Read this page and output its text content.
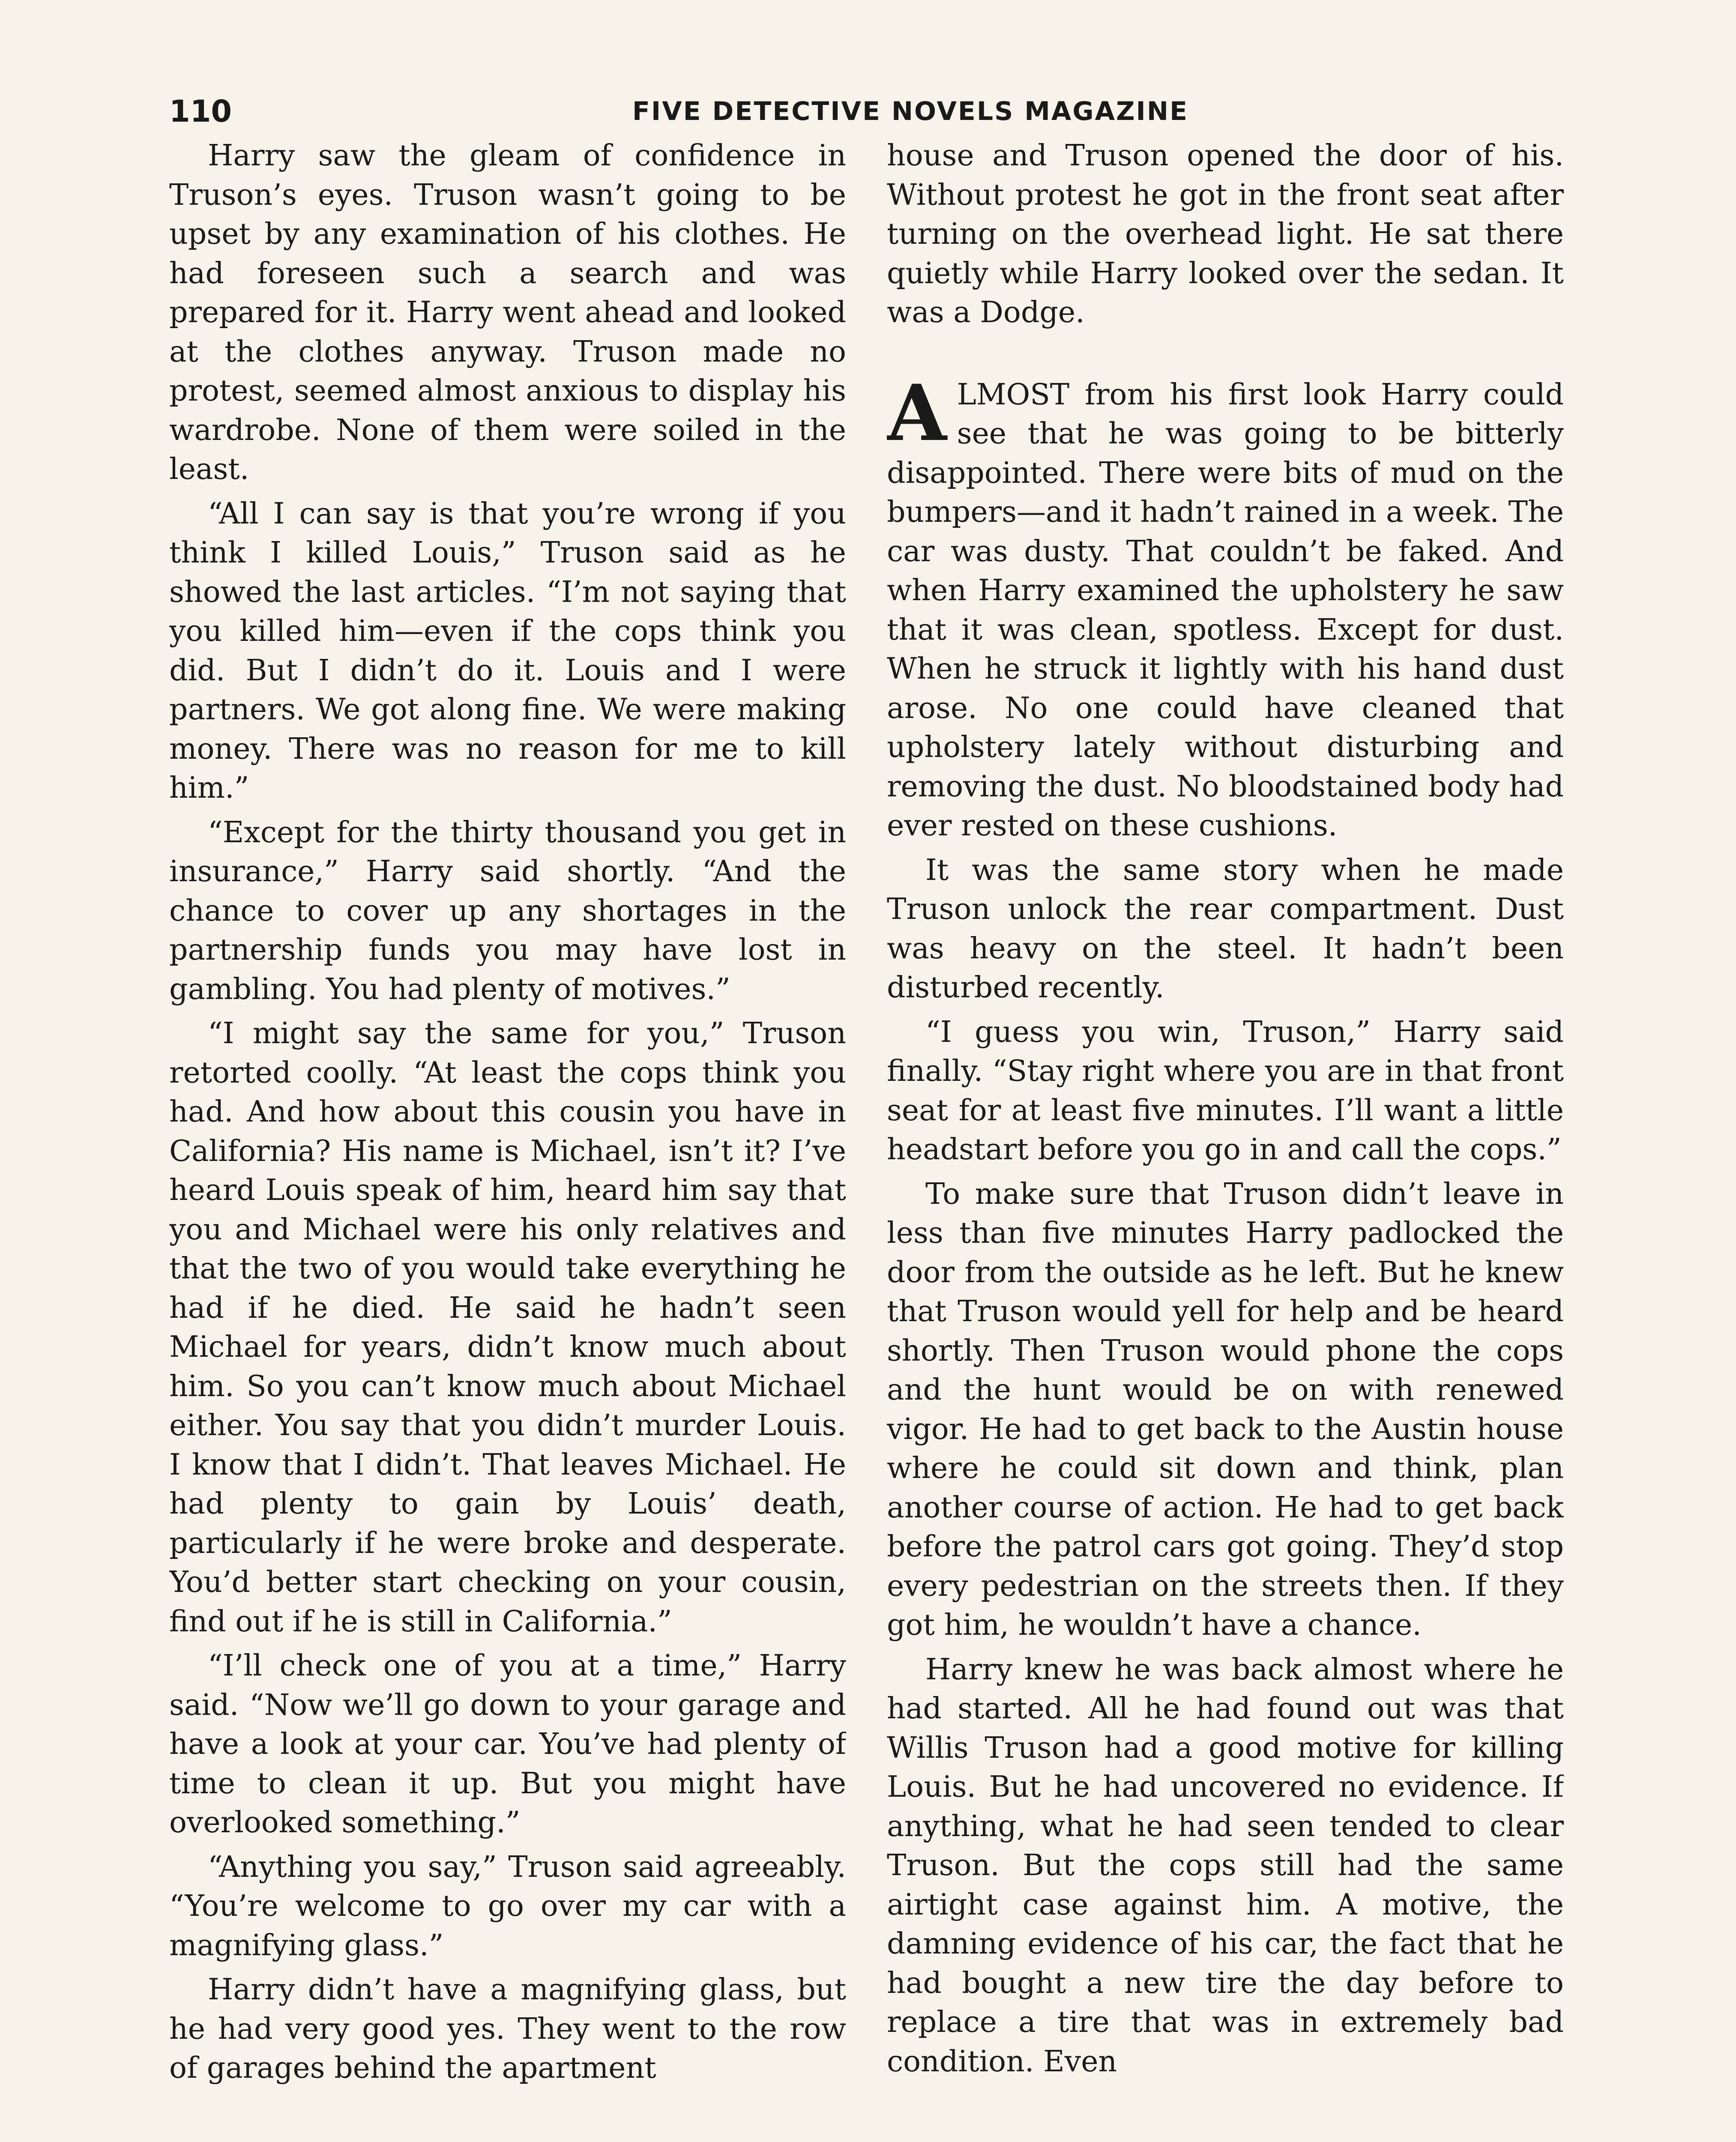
110	FIVE DETECTIVE NOVELS MAGAZINE

Harry saw the gleam of confidence in Truson’s eyes. Truson wasn’t going to be upset by any examination of his clothes. He had foreseen such a search and was prepared for it. Harry went ahead and looked at the clothes anyway. Truson made no protest, seemed almost anxious to display his wardrobe. None of them were soiled in the least.

“All I can say is that you’re wrong if you think I killed Louis,” Truson said as he showed the last articles. “I’m not saying that you killed him—even if the cops think you did. But I didn’t do it. Louis and I were partners. We got along fine. We were making money. There was no reason for me to kill him.”

“Except for the thirty thousand you get in insurance,” Harry said shortly. “And the chance to cover up any shortages in the partnership funds you may have lost in gambling. You had plenty of motives.”

“I might say the same for you,” Truson retorted coolly. “At least the cops think you had. And how about this cousin you have in California? His name is Michael, isn’t it? I’ve heard Louis speak of him, heard him say that you and Michael were his only relatives and that the two of you would take everything he had if he died. He said he hadn’t seen Michael for years, didn’t know much about him. So you can’t know much about Michael either. You say that you didn’t murder Louis. I know that I didn’t. That leaves Michael. He had plenty to gain by Louis’ death, particularly if he were broke and desperate. You’d better start checking on your cousin, find out if he is still in California.”

“I’ll check one of you at a time,” Harry said. “Now we’ll go down to your garage and have a look at your car. You’ve had plenty of time to clean it up. But you might have overlooked something.”

“Anything you say,” Truson said agreeably. “You’re welcome to go over my car with a magnifying glass.”

Harry didn’t have a magnifying glass, but he had very good yes. They went to the row of garages behind the apartment

house and Truson opened the door of his. Without protest he got in the front seat after turning on the overhead light. He sat there quietly while Harry looked over the sedan. It was a Dodge.

ALMOST from his first look Harry could see that he was going to be bitterly disappointed. There were bits of mud on the bumpers—and it hadn’t rained in a week. The car was dusty. That couldn’t be faked. And when Harry examined the upholstery he saw that it was clean, spotless. Except for dust. When he struck it lightly with his hand dust arose. No one could have cleaned that upholstery lately without disturbing and removing the dust. No bloodstained body had ever rested on these cushions.

It was the same story when he made Truson unlock the rear compartment. Dust was heavy on the steel. It hadn’t been disturbed recently.

“I guess you win, Truson,” Harry said finally. “Stay right where you are in that front seat for at least five minutes. I’ll want a little headstart before you go in and call the cops.”

To make sure that Truson didn’t leave in less than five minutes Harry padlocked the door from the outside as he left. But he knew that Truson would yell for help and be heard shortly. Then Truson would phone the cops and the hunt would be on with renewed vigor. He had to get back to the Austin house where he could sit down and think, plan another course of action. He had to get back before the patrol cars got going. They’d stop every pedestrian on the streets then. If they got him, he wouldn’t have a chance.

Harry knew he was back almost where he had started. All he had found out was that Willis Truson had a good motive for killing Louis. But he had uncovered no evidence. If anything, what he had seen tended to clear Truson. But the cops still had the same airtight case against him. A motive, the damning evidence of his car, the fact that he had bought a new tire the day before to replace a tire that was in extremely bad condition. Even
